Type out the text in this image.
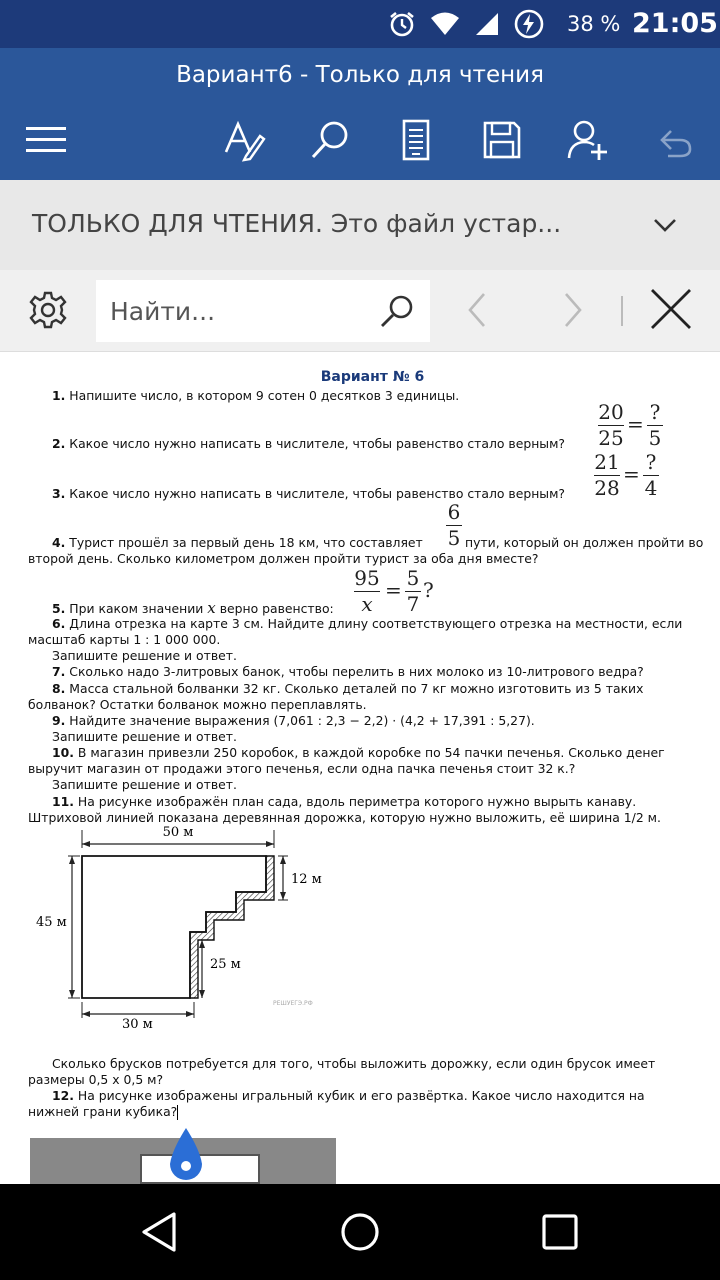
38 % 21:05
Вариант6 - Только для чтения
ТОЛЬКО ДЛЯ ЧТЕНИЯ. Это файл устар...
Найти...
Вариант № 6
1. Напишите число, в котором 9 сотен 0 десятков 3 единицы.
2. Какое число нужно написать в числителе, чтобы равенство стало верным?
20
25
= ?
5
3. Какое число нужно написать в числителе, чтобы равенство стало верным?
21
28
= ?
4
4. Турист прошёл за первый день 18 км, что составляет
6
5 пути, который он должен пройти во
второй день. Сколько километром должен пройти турист за оба дня вместе?
5. При каком значении x верно равенство:
95
x
= 5
7
?
6. Длина отрезка на карте 3 см. Найдите длину соответствующего отрезка на местности, если
масштаб карты 1 : 1 000 000.
Запишите решение и ответ.
7. Сколько надо 3-литровых банок, чтобы перелить в них молоко из 10-литрового ведра?
8. Масса стальной болванки 32 кг. Сколько деталей по 7 кг можно изготовить из 5 таких
болванок? Остатки болванок можно переплавлять.
9. Найдите значение выражения (7,061 : 2,3 − 2,2) · (4,2 + 17,391 : 5,27).
Запишите решение и ответ.
10. В магазин привезли 250 коробок, в каждой коробке по 54 пачки печенья. Сколько денег
выручит магазин от продажи этого печенья, если одна пачка печенья стоит 32 к.?
Запишите решение и ответ.
11. На рисунке изображён план сада, вдоль периметра которого нужно вырыть канаву.
Штриховой линией показана деревянная дорожка, которую нужно выложить, её ширина 1/2 м.
50 м
45 м
12 м
25 м
30 м
РЕШУЕГЭ.РФ
Сколько брусков потребуется для того, чтобы выложить дорожку, если один брусок имеет
размеры 0,5 х 0,5 м?
12. На рисунке изображены игральный кубик и его развёртка. Какое число находится на
нижней грани кубика?
